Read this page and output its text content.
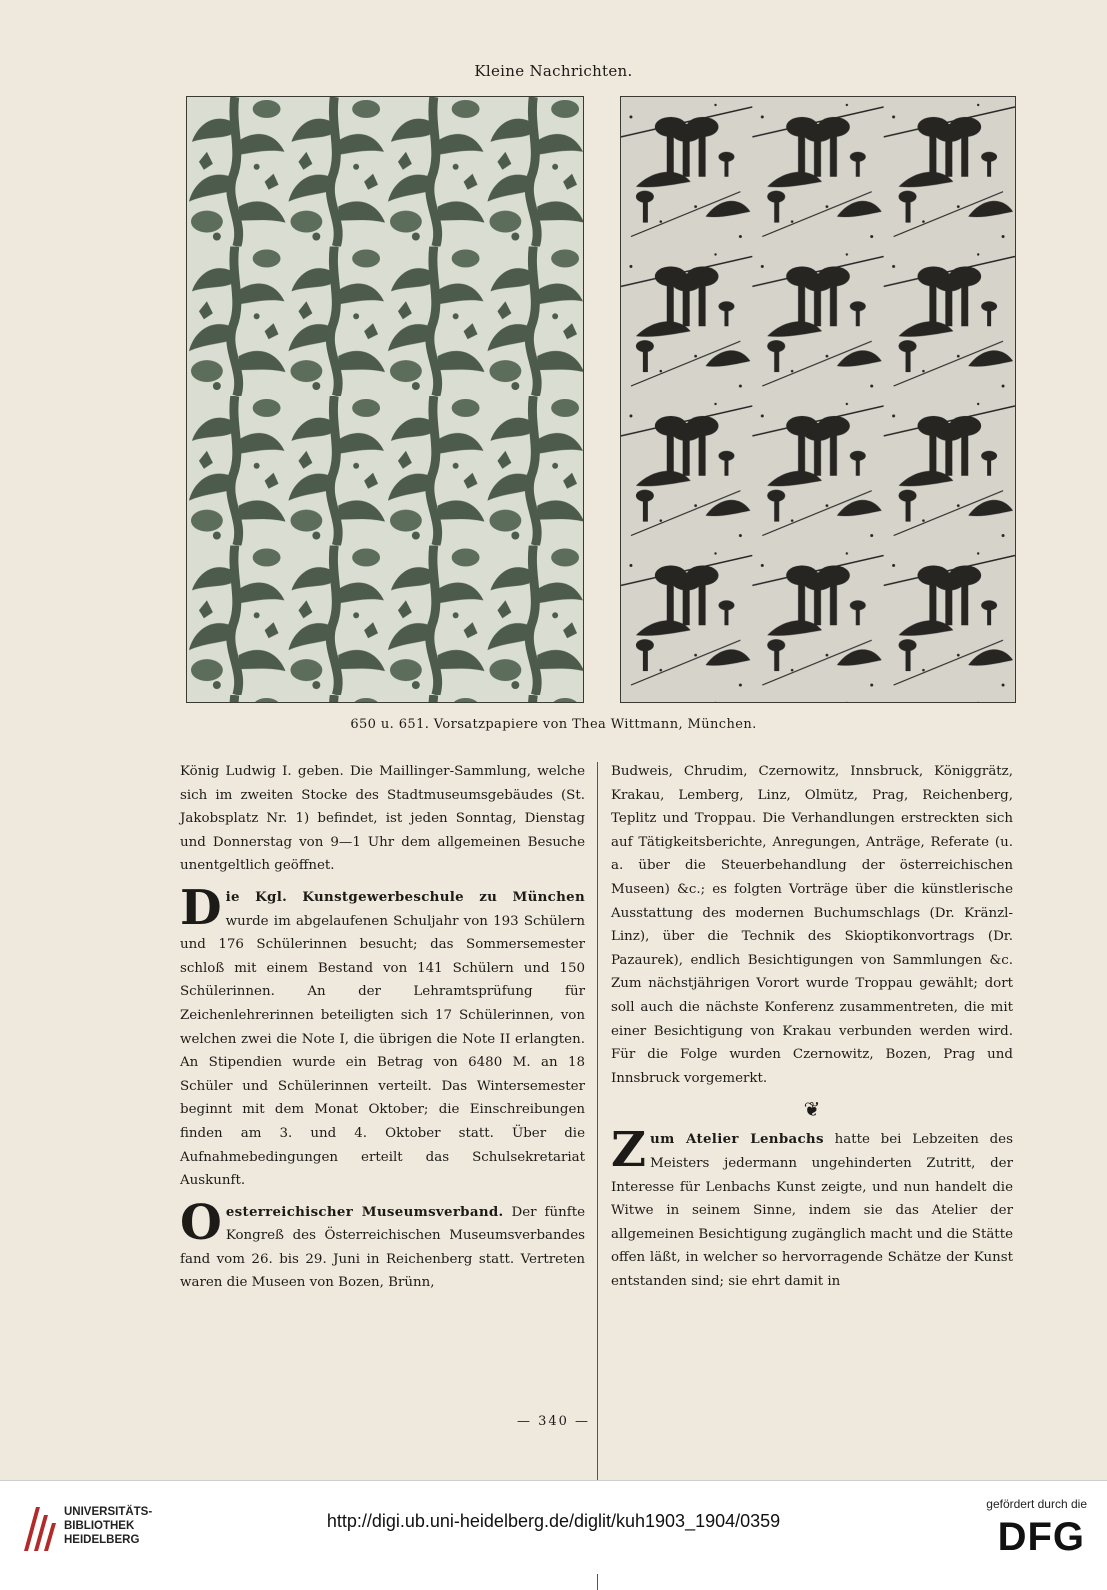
Kleine Nachrichten.
650 u. 651. Vorsatzpapiere von Thea Wittmann, München.

König Ludwig I. geben. Die Maillinger-Sammlung, welche sich im zweiten Stocke des Stadtmuseumsgebäudes (St. Jakobsplatz Nr. 1) befindet, ist jeden Sonntag, Dienstag und Donnerstag von 9—1 Uhr dem allgemeinen Besuche unentgeltlich geöffnet.

Die Kgl. Kunstgewerbeschule zu München wurde im abgelaufenen Schuljahr von 193 Schülern und 176 Schülerinnen besucht; das Sommersemester schloß mit einem Bestand von 141 Schülern und 150 Schülerinnen. An der Lehramtsprüfung für Zeichenlehrerinnen beteiligten sich 17 Schülerinnen, von welchen zwei die Note I, die übrigen die Note II erlangten. An Stipendien wurde ein Betrag von 6480 M. an 18 Schüler und Schülerinnen verteilt. Das Wintersemester beginnt mit dem Monat Oktober; die Einschreibungen finden am 3. und 4. Oktober statt. Über die Aufnahmebedingungen erteilt das Schulsekretariat Auskunft.

Oesterreichischer Museumsverband. Der fünfte Kongreß des Österreichischen Museumsverbandes fand vom 26. bis 29. Juni in Reichenberg statt. Vertreten waren die Museen von Bozen, Brünn,

Budweis, Chrudim, Czernowitz, Innsbruck, Königgrätz, Krakau, Lemberg, Linz, Olmütz, Prag, Reichenberg, Teplitz und Troppau. Die Verhandlungen erstreckten sich auf Tätigkeitsberichte, Anregungen, Anträge, Referate (u. a. über die Steuerbehandlung der österreichischen Museen) &c.; es folgten Vorträge über die künstlerische Ausstattung des modernen Buchumschlags (Dr. Kränzl-Linz), über die Technik des Skioptikonvortrags (Dr. Pazaurek), endlich Besichtigungen von Sammlungen &c. Zum nächstjährigen Vorort wurde Troppau gewählt; dort soll auch die nächste Konferenz zusammentreten, die mit einer Besichtigung von Krakau verbunden werden wird. Für die Folge wurden Czernowitz, Bozen, Prag und Innsbruck vorgemerkt.

❦

Zum Atelier Lenbachs hatte bei Lebzeiten des Meisters jedermann ungehinderten Zutritt, der Interesse für Lenbachs Kunst zeigte, und nun handelt die Witwe in seinem Sinne, indem sie das Atelier der allgemeinen Besichtigung zugänglich macht und die Stätte offen läßt, in welcher so hervorragende Schätze der Kunst entstanden sind; sie ehrt damit in

— 340 —
UNIVERSITÄTS-
BIBLIOTHEK
HEIDELBERG
http://digi.ub.uni-heidelberg.de/diglit/kuh1903_1904/0359
gefördert durch die
DFG
